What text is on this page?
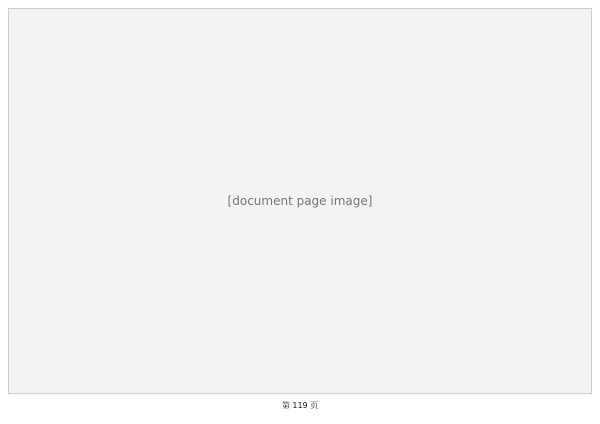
[document page image]
第 119 页
